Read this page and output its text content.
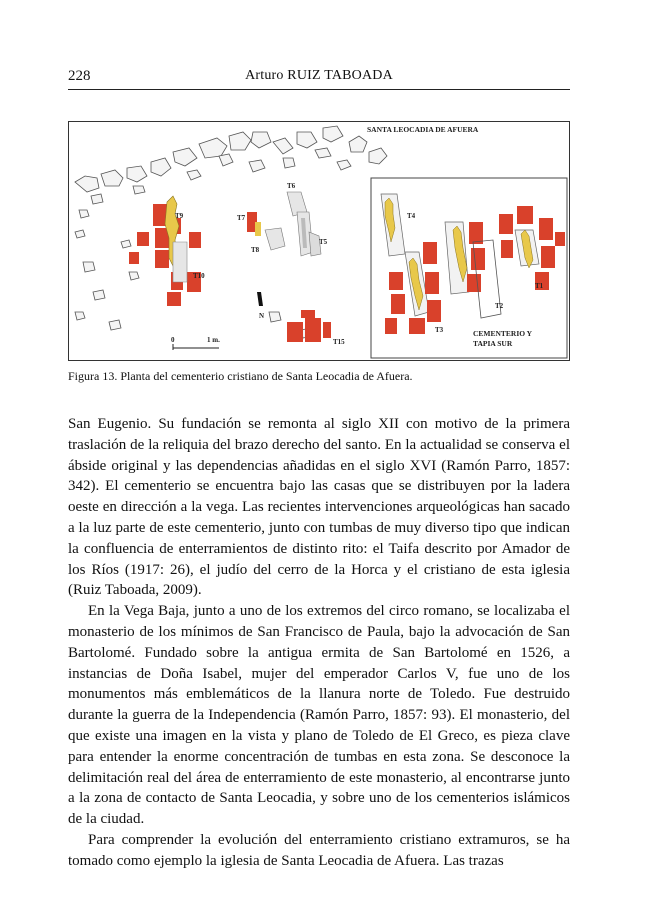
228	Arturo RUIZ TABOADA
SANTA LEOCADIA DE AFUERA
T9
T10
T7
T8
T6
T5
T15
T4
T3
T2
T1
CEMENTERIO Y
TAPIA SUR
N
0	1 m.
Figura 13. Planta del cementerio cristiano de Santa Leocadia de Afuera.

San Eugenio. Su fundación se remonta al siglo XII con motivo de la primera traslación de la reliquia del brazo derecho del santo. En la actualidad se conserva el ábside original y las dependencias añadidas en el siglo XVI (Ramón Parro, 1857: 342). El cementerio se encuentra bajo las casas que se distribuyen por la ladera oeste en dirección a la vega. Las recientes intervenciones arqueológicas han sacado a la luz parte de este cementerio, junto con tumbas de muy diverso tipo que indican la confluencia de enterramientos de distinto rito: el Taifa descrito por Amador de los Ríos (1917: 26), el judío del cerro de la Horca y el cristiano de esta iglesia (Ruiz Taboada, 2009).

En la Vega Baja, junto a uno de los extremos del circo romano, se localizaba el monasterio de los mínimos de San Francisco de Paula, bajo la advocación de San Bartolomé. Fundado sobre la antigua ermita de San Bartolomé en 1526, a instancias de Doña Isabel, mujer del emperador Carlos V, fue uno de los monumentos más emblemáticos de la llanura norte de Toledo. Fue destruido durante la guerra de la Independencia (Ramón Parro, 1857: 93). El monasterio, del que existe una imagen en la vista y plano de Toledo de El Greco, es pieza clave para entender la enorme concentración de tumbas en esta zona. Se desconoce la delimitación real del área de enterramiento de este monasterio, al encontrarse junto a la zona de contacto de Santa Leocadia, y sobre uno de los cementerios islámicos de la ciudad.

Para comprender la evolución del enterramiento cristiano extramuros, se ha tomado como ejemplo la iglesia de Santa Leocadia de Afuera. Las trazas
